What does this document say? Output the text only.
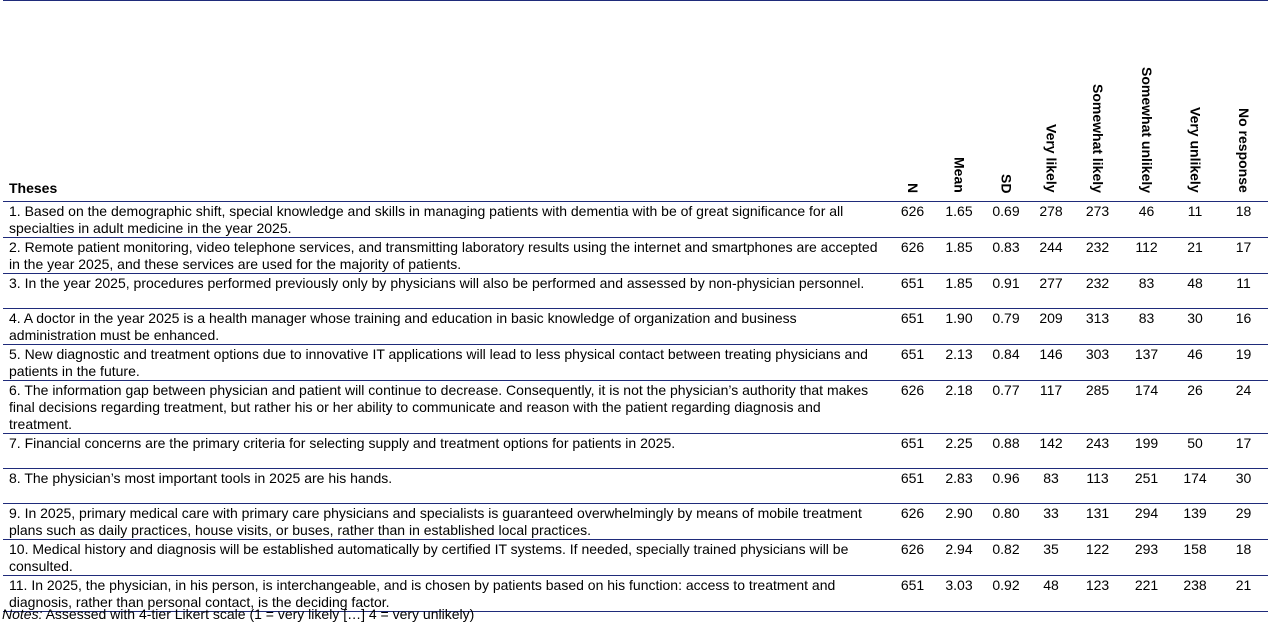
Theses	N	Mean	SD	Very likely	Somewhat likely	Somewhat unlikely	Very unlikely	No response
1. Based on the demographic shift, special knowledge and skills in managing patients with dementia with be of great significance for all specialties in adult medicine in the year 2025.	626	1.65	0.69	278	273	46	11	18
2. Remote patient monitoring, video telephone services, and transmitting laboratory results using the internet and smartphones are accepted in the year 2025, and these services are used for the majority of patients.	626	1.85	0.83	244	232	112	21	17
3. In the year 2025, procedures performed previously only by physicians will also be performed and assessed by non-physician personnel.	651	1.85	0.91	277	232	83	48	11
4. A doctor in the year 2025 is a health manager whose training and education in basic knowledge of organization and business administration must be enhanced.	651	1.90	0.79	209	313	83	30	16
5. New diagnostic and treatment options due to innovative IT applications will lead to less physical contact between treating physicians and patients in the future.	651	2.13	0.84	146	303	137	46	19
6. The information gap between physician and patient will continue to decrease. Consequently, it is not the physician’s authority that makes final decisions regarding treatment, but rather his or her ability to communicate and reason with the patient regarding diagnosis and treatment.	626	2.18	0.77	117	285	174	26	24
7. Financial concerns are the primary criteria for selecting supply and treatment options for patients in 2025.	651	2.25	0.88	142	243	199	50	17
8. The physician’s most important tools in 2025 are his hands.	651	2.83	0.96	83	113	251	174	30
9. In 2025, primary medical care with primary care physicians and specialists is guaranteed overwhelmingly by means of mobile treatment plans such as daily practices, house visits, or buses, rather than in established local practices.	626	2.90	0.80	33	131	294	139	29
10. Medical history and diagnosis will be established automatically by certified IT systems. If needed, specially trained physicians will be consulted.	626	2.94	0.82	35	122	293	158	18
11. In 2025, the physician, in his person, is interchangeable, and is chosen by patients based on his function: access to treatment and diagnosis, rather than personal contact, is the deciding factor.	651	3.03	0.92	48	123	221	238	21
Notes: Assessed with 4-tier Likert scale (1 = very likely […] 4 = very unlikely)
